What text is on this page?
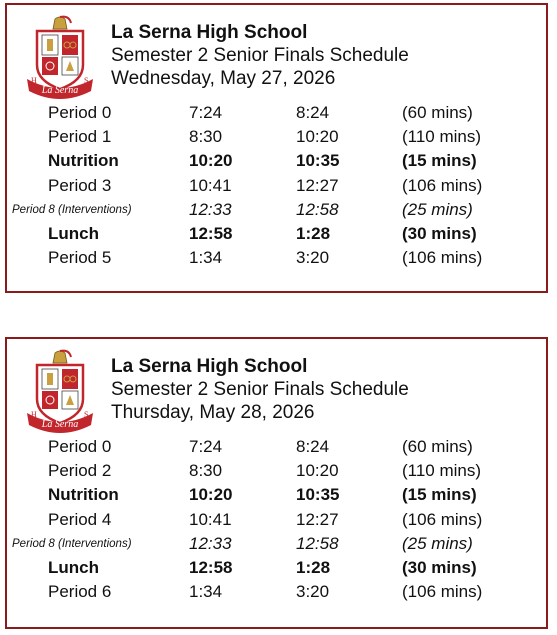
La Serna
H	S
La Serna High School
Semester 2 Senior Finals Schedule
Wednesday, May 27, 2026
Period 0	7:24	8:24	(60 mins)
Period 1	8:30	10:20	(110 mins)
Nutrition	10:20	10:35	(15 mins)
Period 3	10:41	12:27	(106 mins)
Period 8 (Interventions)	12:33	12:58	(25 mins)
Lunch	12:58	1:28	(30 mins)
Period 5	1:34	3:20	(106 mins)
La Serna
H	S
La Serna High School
Semester 2 Senior Finals Schedule
Thursday, May 28, 2026
Period 0	7:24	8:24	(60 mins)
Period 2	8:30	10:20	(110 mins)
Nutrition	10:20	10:35	(15 mins)
Period 4	10:41	12:27	(106 mins)
Period 8 (Interventions)	12:33	12:58	(25 mins)
Lunch	12:58	1:28	(30 mins)
Period 6	1:34	3:20	(106 mins)
